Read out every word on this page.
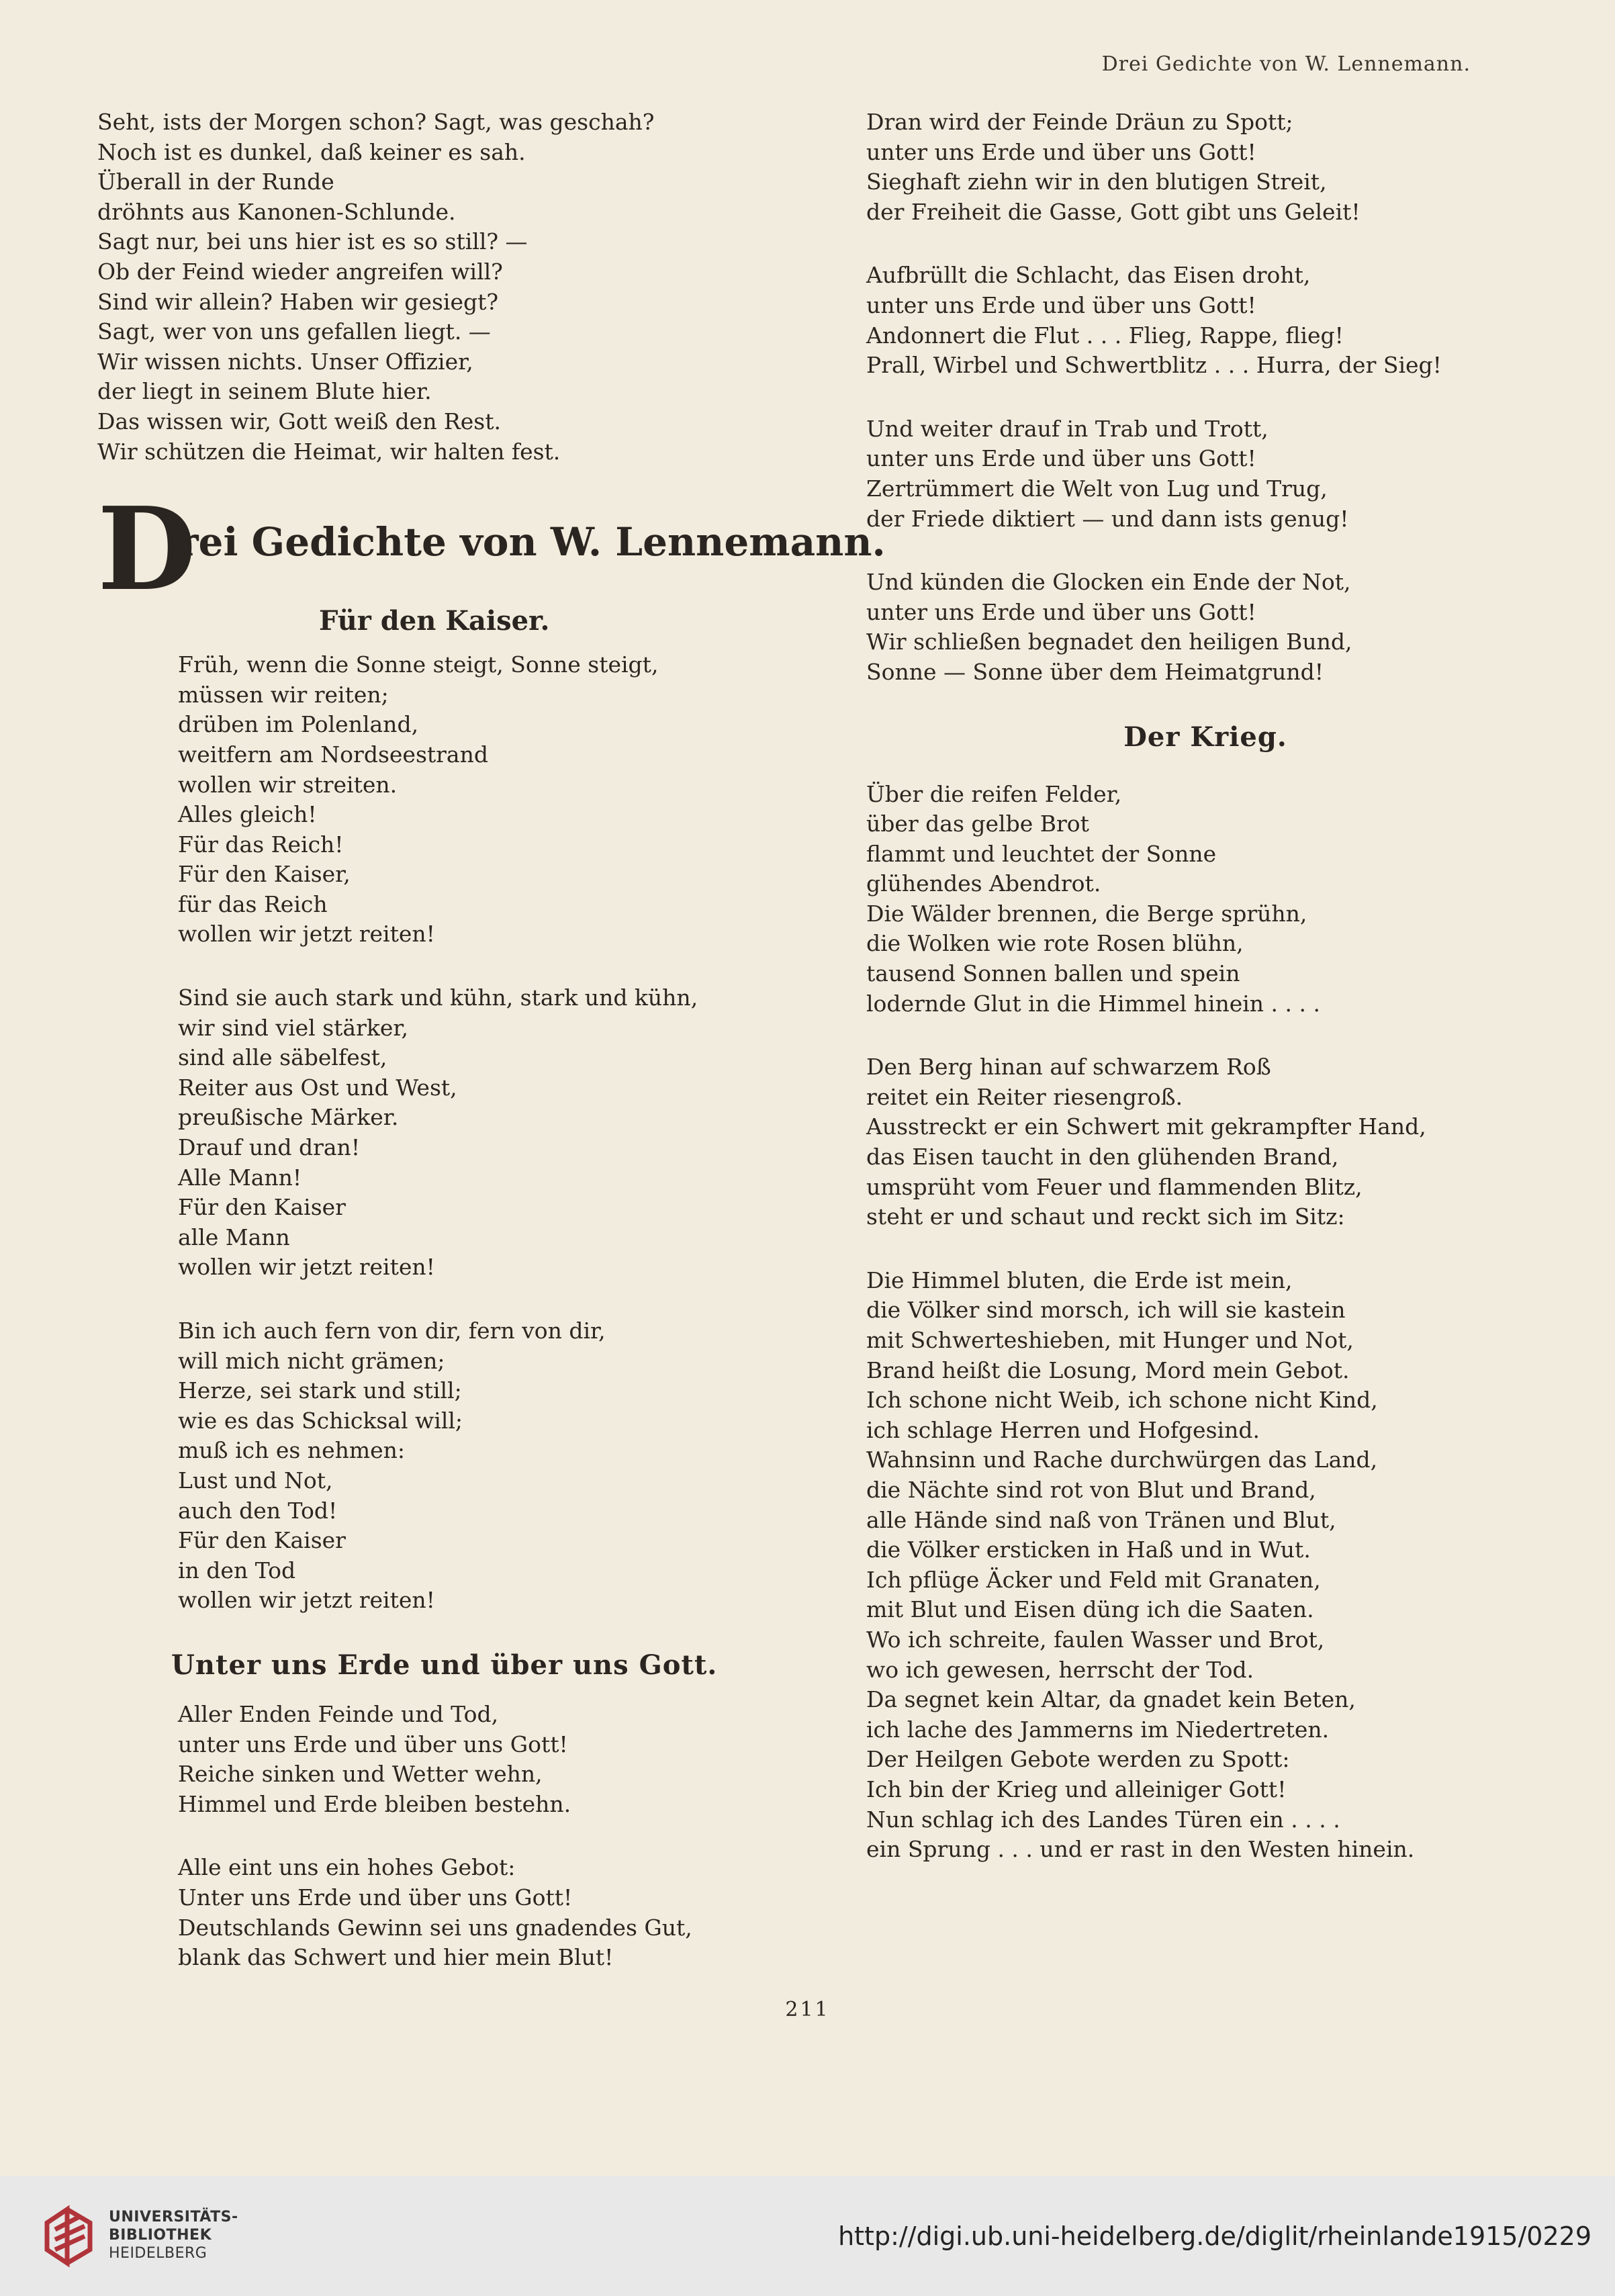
Drei Gedichte von W. Lennemann.
Seht, ists der Morgen schon? Sagt, was geschah?
Noch ist es dunkel, daß keiner es sah.
Überall in der Runde
dröhnts aus Kanonen-Schlunde.
Sagt nur, bei uns hier ist es so still? —
Ob der Feind wieder angreifen will?
Sind wir allein? Haben wir gesiegt?
Sagt, wer von uns gefallen liegt. —
Wir wissen nichts. Unser Offizier,
der liegt in seinem Blute hier.
Das wissen wir, Gott weiß den Rest.
Wir schützen die Heimat, wir halten fest.
D
rei Gedichte von W. Lennemann.
Für den Kaiser.
Früh, wenn die Sonne steigt, Sonne steigt,
müssen wir reiten;
drüben im Polenland,
weitfern am Nordseestrand
wollen wir streiten.
Alles gleich!
Für das Reich!
Für den Kaiser,
für das Reich
wollen wir jetzt reiten!
Sind sie auch stark und kühn, stark und kühn,
wir sind viel stärker,
sind alle säbelfest,
Reiter aus Ost und West,
preußische Märker.
Drauf und dran!
Alle Mann!
Für den Kaiser
alle Mann
wollen wir jetzt reiten!
Bin ich auch fern von dir, fern von dir,
will mich nicht grämen;
Herze, sei stark und still;
wie es das Schicksal will;
muß ich es nehmen:
Lust und Not,
auch den Tod!
Für den Kaiser
in den Tod
wollen wir jetzt reiten!
Unter uns Erde und über uns Gott.
Aller Enden Feinde und Tod,
unter uns Erde und über uns Gott!
Reiche sinken und Wetter wehn,
Himmel und Erde bleiben bestehn.
Alle eint uns ein hohes Gebot:
Unter uns Erde und über uns Gott!
Deutschlands Gewinn sei uns gnadendes Gut,
blank das Schwert und hier mein Blut!
Dran wird der Feinde Dräun zu Spott;
unter uns Erde und über uns Gott!
Sieghaft ziehn wir in den blutigen Streit,
der Freiheit die Gasse, Gott gibt uns Geleit!
Aufbrüllt die Schlacht, das Eisen droht,
unter uns Erde und über uns Gott!
Andonnert die Flut . . . Flieg, Rappe, flieg!
Prall, Wirbel und Schwertblitz . . . Hurra, der Sieg!
Und weiter drauf in Trab und Trott,
unter uns Erde und über uns Gott!
Zertrümmert die Welt von Lug und Trug,
der Friede diktiert — und dann ists genug!
Und künden die Glocken ein Ende der Not,
unter uns Erde und über uns Gott!
Wir schließen begnadet den heiligen Bund,
Sonne — Sonne über dem Heimatgrund!
Der Krieg.
Über die reifen Felder,
über das gelbe Brot
flammt und leuchtet der Sonne
glühendes Abendrot.
Die Wälder brennen, die Berge sprühn,
die Wolken wie rote Rosen blühn,
tausend Sonnen ballen und spein
lodernde Glut in die Himmel hinein . . . .
Den Berg hinan auf schwarzem Roß
reitet ein Reiter riesengroß.
Ausstreckt er ein Schwert mit gekrampfter Hand,
das Eisen taucht in den glühenden Brand,
umsprüht vom Feuer und flammenden Blitz,
steht er und schaut und reckt sich im Sitz:
Die Himmel bluten, die Erde ist mein,
die Völker sind morsch, ich will sie kastein
mit Schwerteshieben, mit Hunger und Not,
Brand heißt die Losung, Mord mein Gebot.
Ich schone nicht Weib, ich schone nicht Kind,
ich schlage Herren und Hofgesind.
Wahnsinn und Rache durchwürgen das Land,
die Nächte sind rot von Blut und Brand,
alle Hände sind naß von Tränen und Blut,
die Völker ersticken in Haß und in Wut.
Ich pflüge Äcker und Feld mit Granaten,
mit Blut und Eisen düng ich die Saaten.
Wo ich schreite, faulen Wasser und Brot,
wo ich gewesen, herrscht der Tod.
Da segnet kein Altar, da gnadet kein Beten,
ich lache des Jammerns im Niedertreten.
Der Heilgen Gebote werden zu Spott:
Ich bin der Krieg und alleiniger Gott!
Nun schlag ich des Landes Türen ein . . . .
ein Sprung . . . und er rast in den Westen hinein.
211
UNIVERSITÄTS-
BIBLIOTHEK
HEIDELBERG
http://digi.ub.uni-heidelberg.de/diglit/rheinlande1915/0229
